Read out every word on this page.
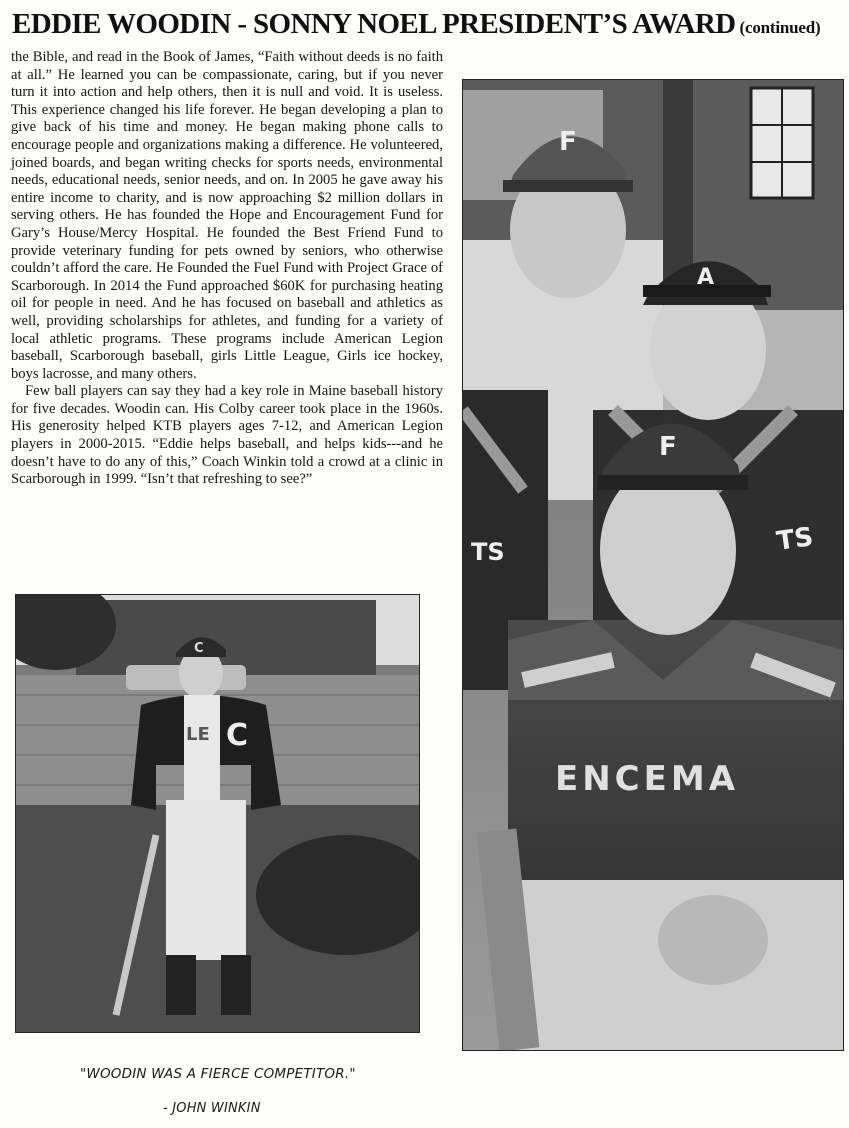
EDDIE WOODIN - SONNY NOEL PRESIDENT’S AWARD (continued)

the Bible, and read in the Book of James, “Faith without deeds is no faith at all.” He learned you can be compassionate, caring, but if you never turn it into action and help others, then it is null and void. It is useless. This experience changed his life forever. He began developing a plan to give back of his time and money. He began making phone calls to encourage people and organizations making a difference. He volunteered, joined boards, and began writing checks for sports needs, environmental needs, educational needs, senior needs, and on. In 2005 he gave away his entire income to charity, and is now approaching $2 million dollars in serving others. He has founded the Hope and Encouragement Fund for Gary’s House/Mercy Hospital. He founded the Best Friend Fund to provide veterinary funding for pets owned by seniors, who otherwise couldn’t afford the care. He Founded the Fuel Fund with Project Grace of Scarborough. In 2014 the Fund approached $60K for purchasing heating oil for people in need. And he has focused on baseball and athletics as well, providing scholarships for athletes, and funding for a variety of local athletic programs. These programs include American Legion baseball, Scarborough baseball, girls Little League, Girls ice hockey, boys lacrosse, and many others.

Few ball players can say they had a key role in Maine baseball history for five decades. Woodin can. His Colby career took place in the 1960s. His generosity helped KTB players ages 7-12, and American Legion players in 2000-2015. “Eddie helps baseball, and helps kids---and he doesn’t have to do any of this,” Coach Winkin told a crowd at a clinic in Scarborough in 1999. “Isn’t that refreshing to see?”

F
A
TS
TS
F
ENCEMA
C
LE C
"WOODIN WAS A FIERCE COMPETITOR."
- JOHN WINKIN
